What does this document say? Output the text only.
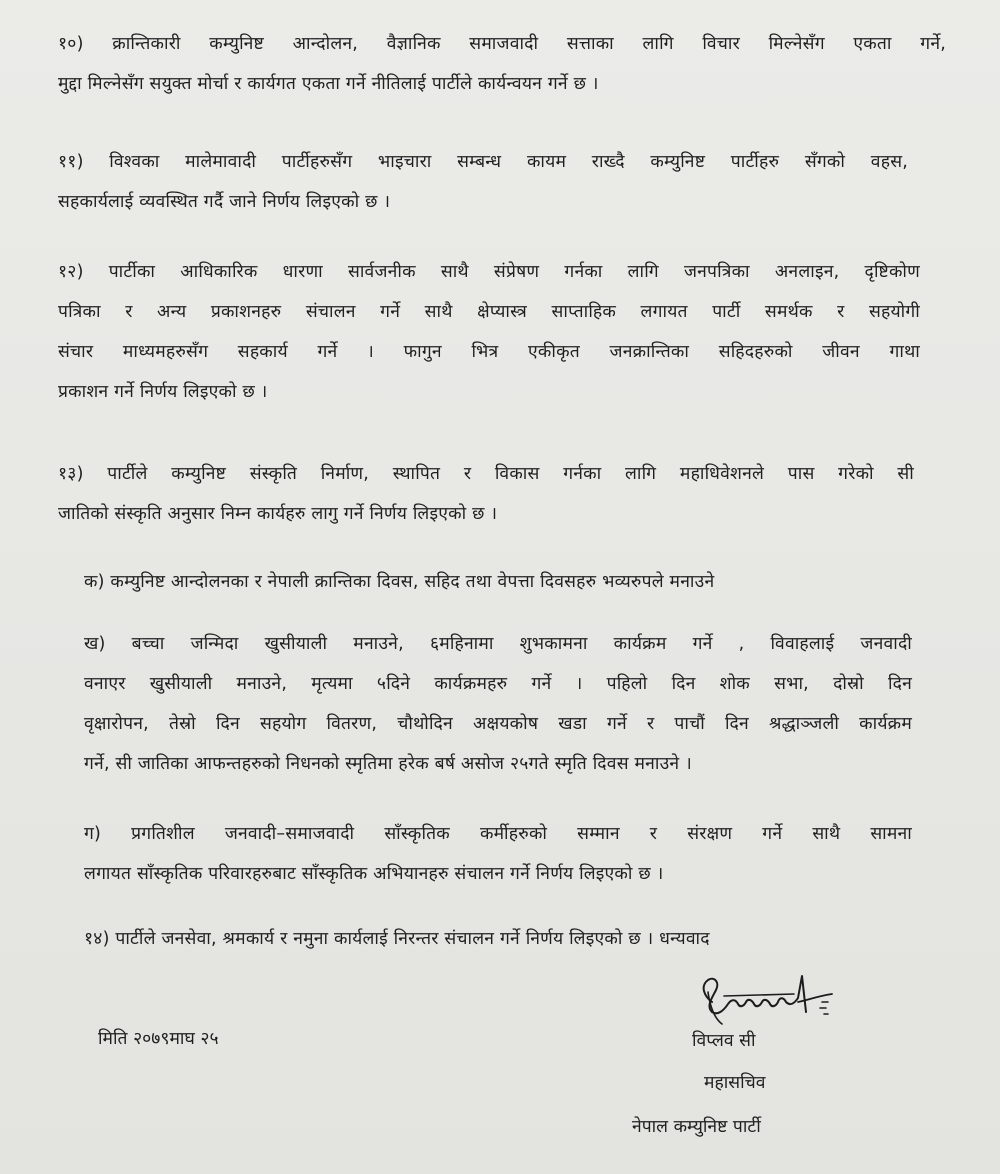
१०) क्रान्तिकारी कम्युनिष्ट आन्दोलन, वैज्ञानिक समाजवादी सत्ताका लागि विचार मिल्नेसँग एकता गर्ने,
मुद्दा मिल्नेसँग सयुक्त मोर्चा र कार्यगत एकता गर्ने नीतिलाई पार्टीले कार्यन्वयन गर्ने छ ।
११) विश्वका मालेमावादी पार्टीहरुसँग भाइचारा सम्बन्ध कायम राख्दै कम्युनिष्ट पार्टीहरु सँगको वहस,
सहकार्यलाई व्यवस्थित गर्दै जाने निर्णय लिइएको छ ।
१२) पार्टीका आधिकारिक धारणा सार्वजनीक साथै संप्रेषण गर्नका लागि जनपत्रिका अनलाइन, दृष्टिकोण
पत्रिका र अन्य प्रकाशनहरु संचालन गर्ने साथै क्षेप्यास्त्र साप्ताहिक लगायत पार्टी समर्थक र सहयोगी
संचार माध्यमहरुसँग सहकार्य गर्ने । फागुन भित्र एकीकृत जनक्रान्तिका सहिदहरुको जीवन गाथा
प्रकाशन गर्ने निर्णय लिइएको छ ।
१३) पार्टीले कम्युनिष्ट संस्कृति निर्माण, स्थापित र विकास गर्नका लागि महाधिवेशनले पास गरेको सी
जातिको संस्कृति अनुसार निम्न कार्यहरु लागु गर्ने निर्णय लिइएको छ ।
क) कम्युनिष्ट आन्दोलनका र नेपाली क्रान्तिका दिवस, सहिद तथा वेपत्ता दिवसहरु भव्यरुपले मनाउने
ख) बच्चा जन्मिदा खुसीयाली मनाउने, ६महिनामा शुभकामना कार्यक्रम गर्ने , विवाहलाई जनवादी
वनाएर खुसीयाली मनाउने, मृत्यमा ५दिने कार्यक्रमहरु गर्ने । पहिलो दिन शोक सभा, दोस्रो दिन
वृक्षारोपन, तेस्रो दिन सहयोग वितरण, चौथोदिन अक्षयकोष खडा गर्ने र पाचौं दिन श्रद्धाञ्जली कार्यक्रम
गर्ने, सी जातिका आफन्तहरुको निधनको स्मृतिमा हरेक बर्ष असोज २५गते स्मृति दिवस मनाउने ।
ग) प्रगतिशील जनवादी–समाजवादी साँस्कृतिक कर्मीहरुको सम्मान र संरक्षण गर्ने साथै सामना
लगायत साँस्कृतिक परिवारहरुबाट साँस्कृतिक अभियानहरु संचालन गर्ने निर्णय लिइएको छ ।
१४) पार्टीले जनसेवा, श्रमकार्य र नमुना कार्यलाई निरन्तर संचालन गर्ने निर्णय लिइएको छ । धन्यवाद
मिति २०७९माघ २५	विप्लव सी
महासचिव
नेपाल कम्युनिष्ट पार्टी
